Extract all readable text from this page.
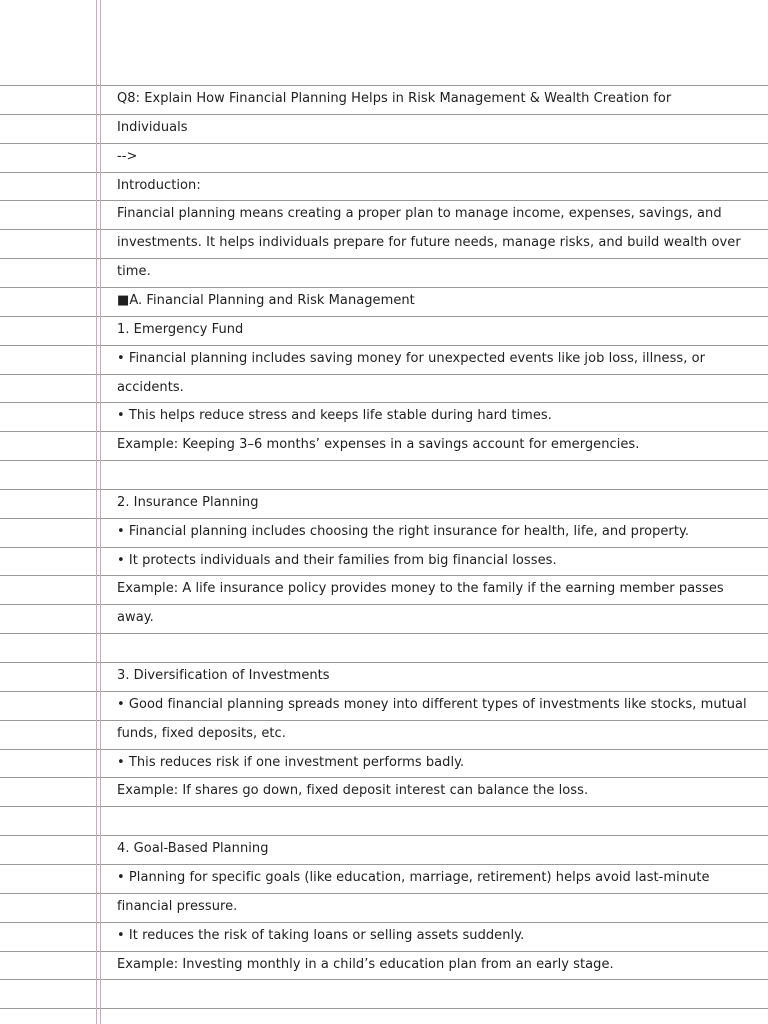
Q8: Explain How Financial Planning Helps in Risk Management & Wealth Creation for
Individuals
-->
Introduction:
Financial planning means creating a proper plan to manage income, expenses, savings, and
investments. It helps individuals prepare for future needs, manage risks, and build wealth over
time.
■A. Financial Planning and Risk Management
1. Emergency Fund
• Financial planning includes saving money for unexpected events like job loss, illness, or
accidents.
• This helps reduce stress and keeps life stable during hard times.
Example: Keeping 3–6 months’ expenses in a savings account for emergencies.
2. Insurance Planning
• Financial planning includes choosing the right insurance for health, life, and property.
• It protects individuals and their families from big financial losses.
Example: A life insurance policy provides money to the family if the earning member passes
away.
3. Diversification of Investments
• Good financial planning spreads money into different types of investments like stocks, mutual
funds, fixed deposits, etc.
• This reduces risk if one investment performs badly.
Example: If shares go down, fixed deposit interest can balance the loss.
4. Goal-Based Planning
• Planning for specific goals (like education, marriage, retirement) helps avoid last-minute
financial pressure.
• It reduces the risk of taking loans or selling assets suddenly.
Example: Investing monthly in a child’s education plan from an early stage.
